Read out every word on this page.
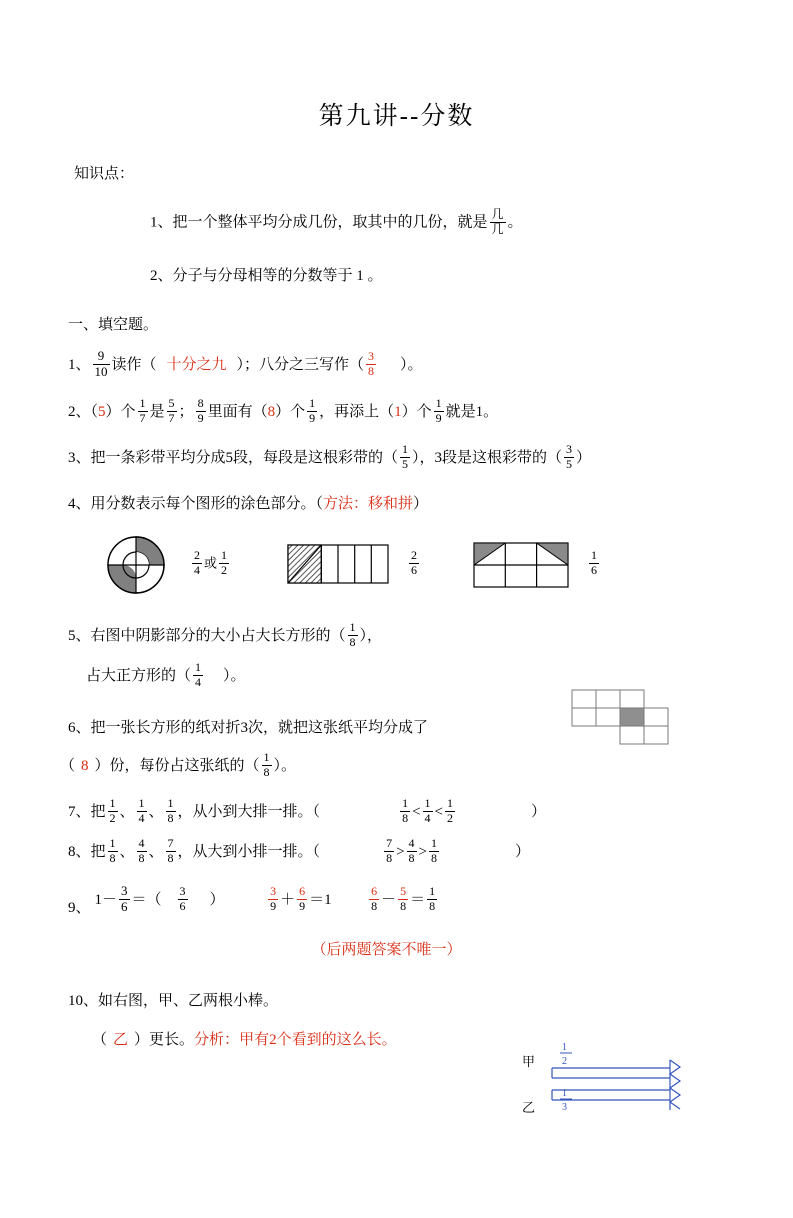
第九讲--分数
知识点：
1、把一个整体平均分成几份，取其中的几份，就是 $\frac{\text{几}}{\text{几}}$ 。
2、分子与分母相等的分数等于 1 。
一、填空题。
1、 $\frac{9}{10}$ 读作（ 十分之九 ）；八分之三写作（ $\frac{3}{8}$ ）。
2、（5）个 $\frac{1}{7}$ 是 $\frac{5}{7}$ ； $\frac{8}{9}$ 里面有（8）个 $\frac{1}{9}$ ，再添上（1）个 $\frac{1}{9}$ 就是1。
3、把一条彩带平均分成5段，每段是这根彩带的（ $\frac{1}{5}$ ），3段是这根彩带的（ $\frac{3}{5}$ ）
4、用分数表示每个图形的涂色部分。（方法：移和拼）
$\frac{2}{4}$ 或 $\frac{1}{2}$	$\frac{2}{6}$	$\frac{1}{6}$
5、右图中阴影部分的大小占大长方形的（ $\frac{1}{8}$ ），
占大正方形的（ $\frac{1}{4}$ ）。
6、把一张长方形的纸对折3次，就把这张纸平均分成了
（ 8 ）份，每份占这张纸的（ $\frac{1}{8}$ ）。
7、把 $\frac{1}{2}$ 、 $\frac{1}{4}$ 、 $\frac{1}{8}$ ，从小到大排一排。（	$\frac{1}{8} < \frac{1}{4} < \frac{1}{2}$	）
8、把 $\frac{1}{8}$ 、 $\frac{4}{8}$ 、 $\frac{7}{8}$ ，从大到小排一排。（	$\frac{7}{8} > \frac{4}{8} > \frac{1}{8}$	）
9、 $1- \frac{3}{6}$ ＝（ $\frac{3}{6}$ ）	$\frac{3}{9} + \frac{6}{9} =1$	$\frac{6}{8} - \frac{5}{8} = \frac{1}{8}$
（后两题答案不唯一）
10、如右图，甲、乙两根小棒。
（ 乙 ）更长。分析：甲有2个看到的这么长。
甲
1
2
乙
1
3
